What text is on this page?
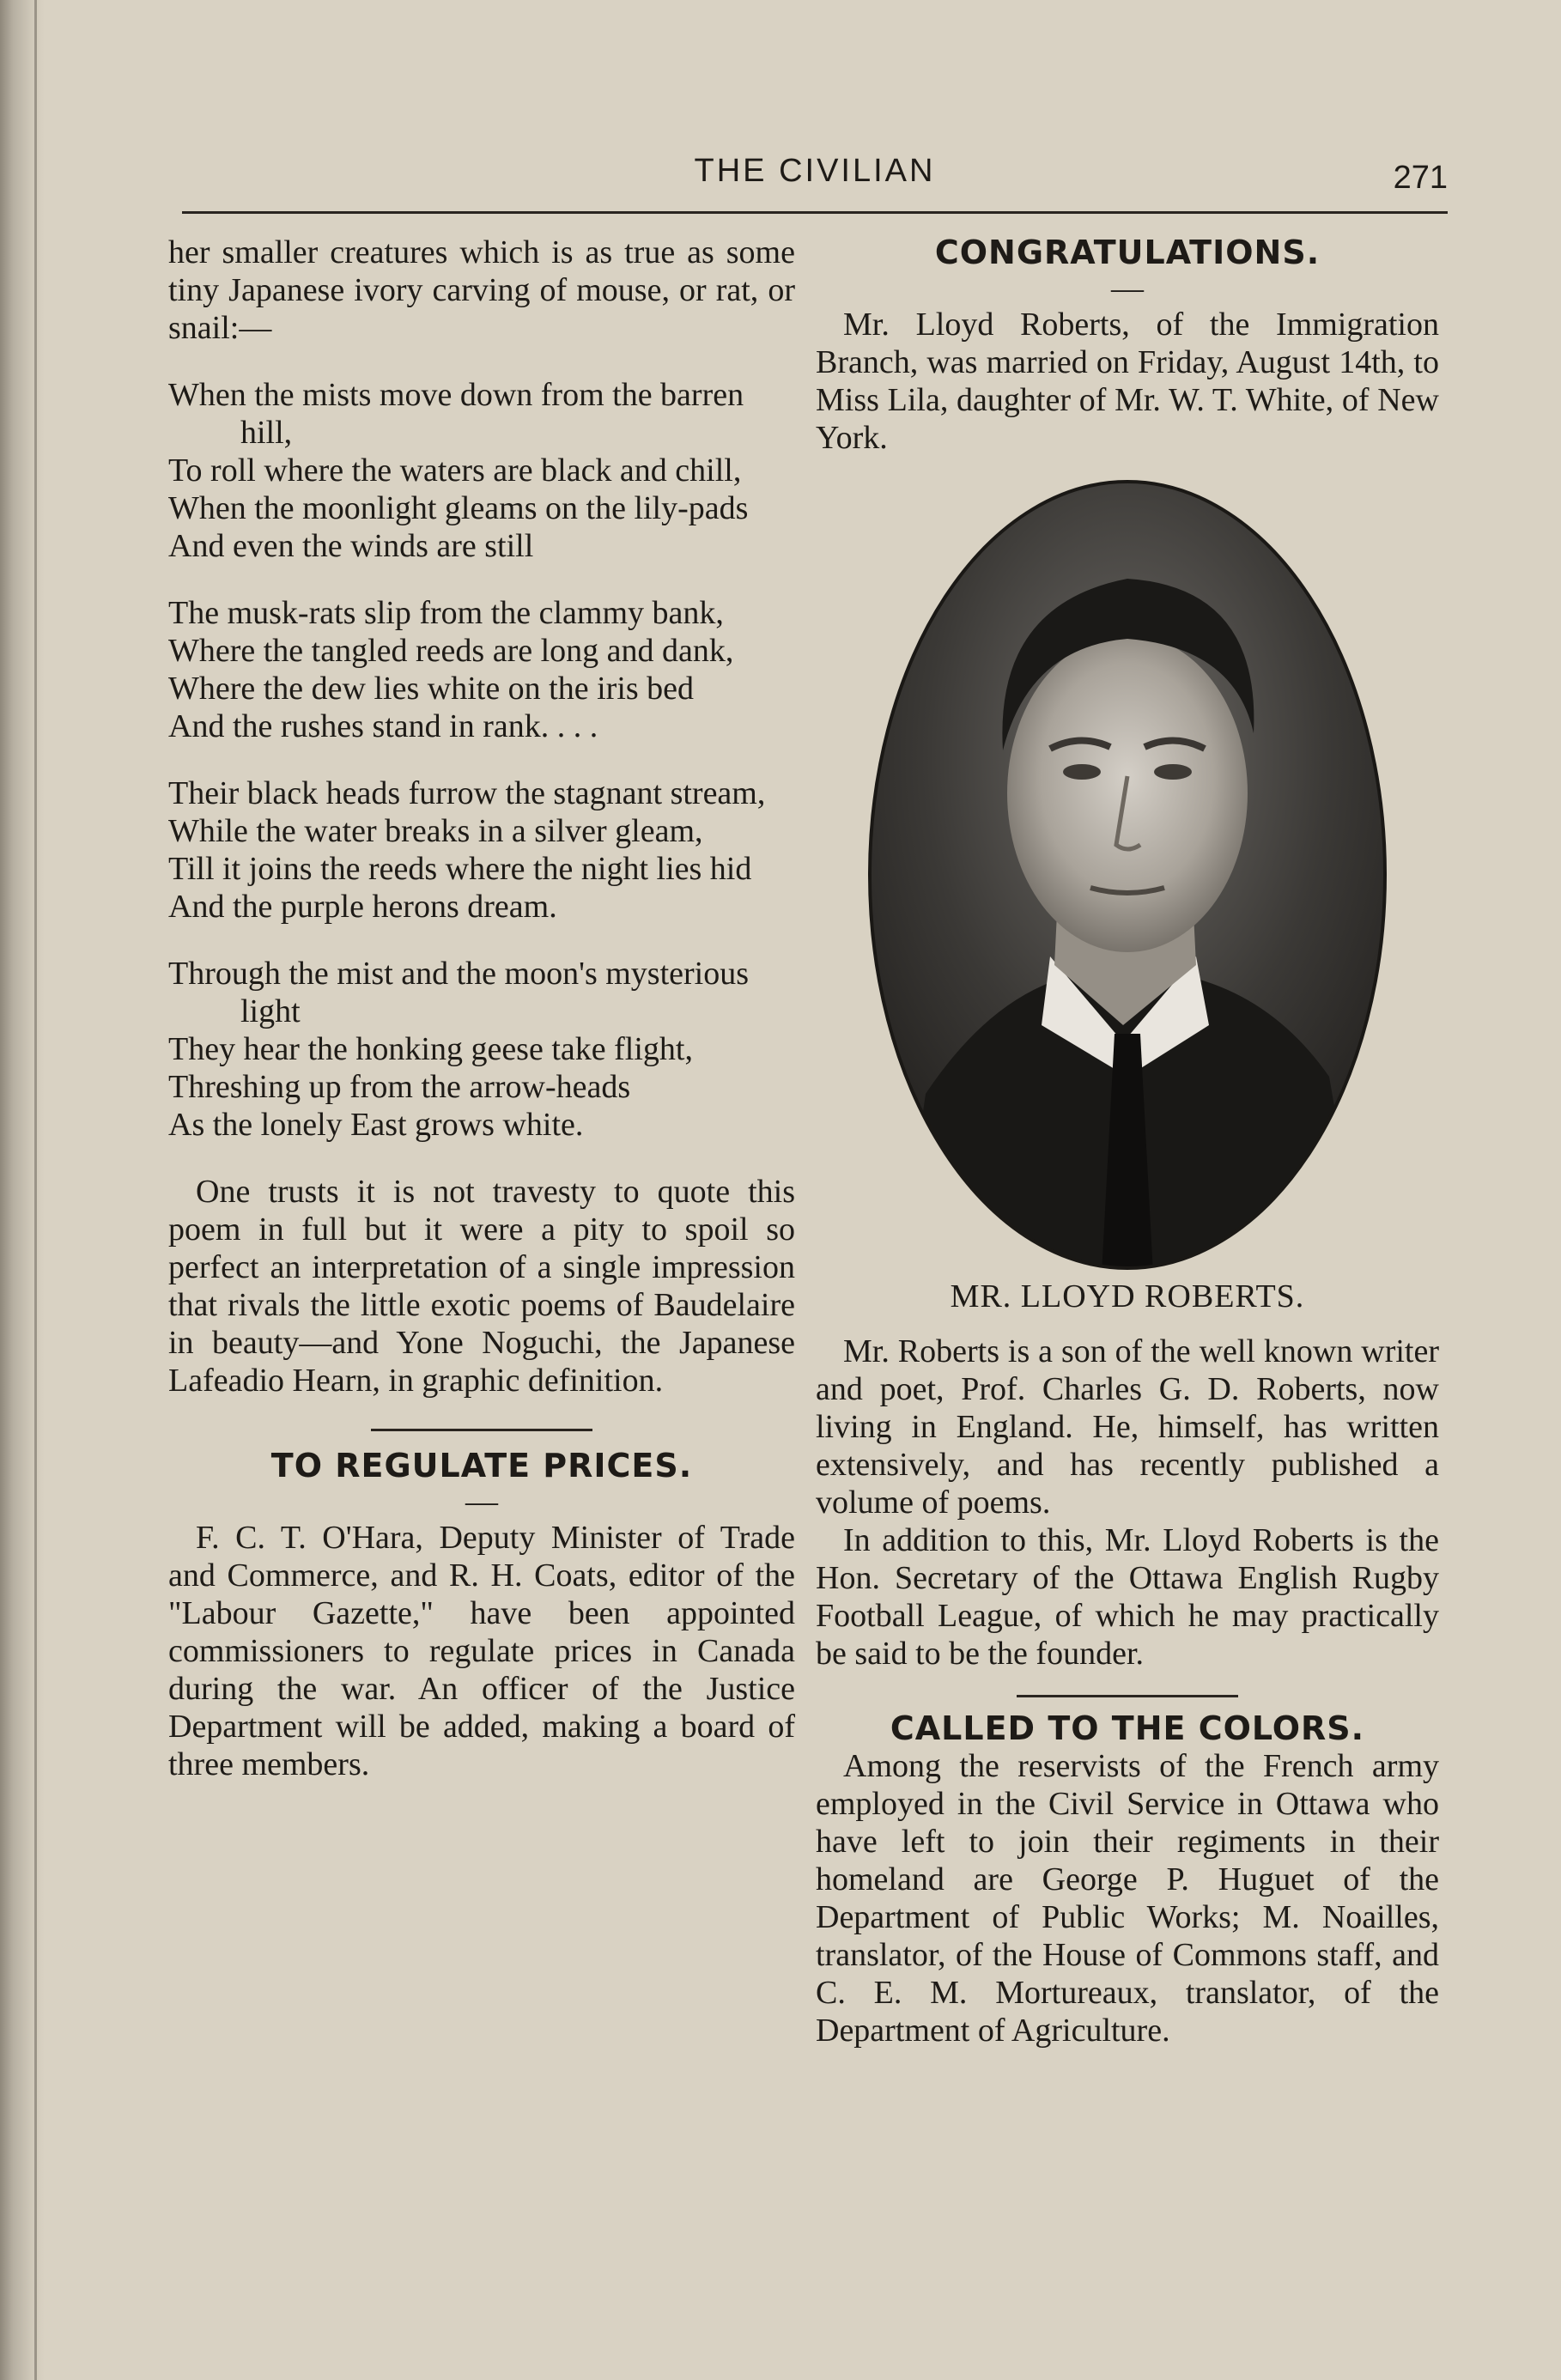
THE CIVILIAN	271

her smaller creatures which is as true as some tiny Japanese ivory carving of mouse, or rat, or snail:—

When the mists move down from the barren hill,
To roll where the waters are black and chill,
When the moonlight gleams on the lily-pads
And even the winds are still
The musk-rats slip from the clammy bank,
Where the tangled reeds are long and dank,
Where the dew lies white on the iris bed
And the rushes stand in rank. . . .
Their black heads furrow the stagnant stream,
While the water breaks in a silver gleam,
Till it joins the reeds where the night lies hid
And the purple herons dream.
Through the mist and the moon's mysterious light
They hear the honking geese take flight,
Threshing up from the arrow-heads
As the lonely East grows white.

One trusts it is not travesty to quote this poem in full but it were a pity to spoil so perfect an interpretation of a single impression that rivals the little exotic poems of Baudelaire in beauty—and Yone Noguchi, the Japanese Lafeadio Hearn, in graphic definition.

TO REGULATE PRICES.
—

F. C. T. O'Hara, Deputy Minister of Trade and Commerce, and R. H. Coats, editor of the "Labour Gazette," have been appointed commissioners to regulate prices in Canada during the war. An officer of the Justice Department will be added, making a board of three members.

CONGRATULATIONS.
—

Mr. Lloyd Roberts, of the Immigration Branch, was married on Friday, August 14th, to Miss Lila, daughter of Mr. W. T. White, of New York.

MR. LLOYD ROBERTS.

Mr. Roberts is a son of the well known writer and poet, Prof. Charles G. D. Roberts, now living in England. He, himself, has written extensively, and has recently published a volume of poems.

In addition to this, Mr. Lloyd Roberts is the Hon. Secretary of the Ottawa English Rugby Football League, of which he may practically be said to be the founder.

CALLED TO THE COLORS.

Among the reservists of the French army employed in the Civil Service in Ottawa who have left to join their regiments in their homeland are George P. Huguet of the Department of Public Works; M. Noailles, translator, of the House of Commons staff, and C. E. M. Mortureaux, translator, of the Department of Agriculture.
